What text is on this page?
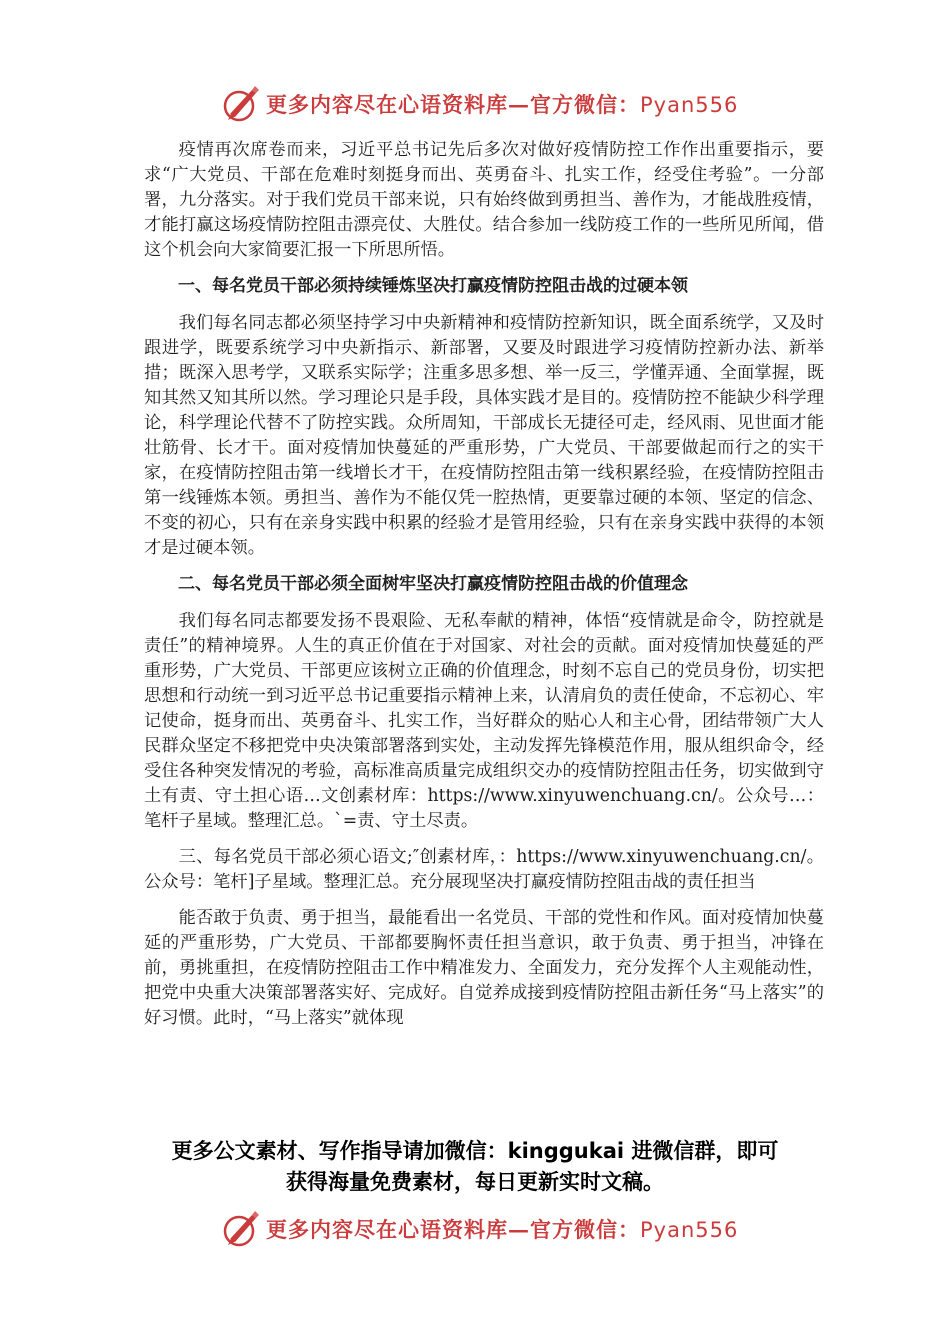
更多内容尽在心语资料库—官方微信：Pyan556

疫情再次席卷而来，习近平总书记先后多次对做好疫情防控工作作出重要指示，要求“广大党员、干部在危难时刻挺身而出、英勇奋斗、扎实工作，经受住考验”。一分部署，九分落实。对于我们党员干部来说，只有始终做到勇担当、善作为，才能战胜疫情，才能打赢这场疫情防控阻击漂亮仗、大胜仗。结合参加一线防疫工作的一些所见所闻，借这个机会向大家简要汇报一下所思所悟。

一、每名党员干部必须持续锤炼坚决打赢疫情防控阻击战的过硬本领

我们每名同志都必须坚持学习中央新精神和疫情防控新知识，既全面系统学，又及时跟进学，既要系统学习中央新指示、新部署，又要及时跟进学习疫情防控新办法、新举措；既深入思考学，又联系实际学；注重多思多想、举一反三，学懂弄通、全面掌握，既知其然又知其所以然。学习理论只是手段，具体实践才是目的。疫情防控不能缺少科学理论，科学理论代替不了防控实践。众所周知，干部成长无捷径可走，经风雨、见世面才能壮筋骨、长才干。面对疫情加快蔓延的严重形势，广大党员、干部要做起而行之的实干家，在疫情防控阻击第一线增长才干，在疫情防控阻击第一线积累经验，在疫情防控阻击第一线锤炼本领。勇担当、善作为不能仅凭一腔热情，更要靠过硬的本领、坚定的信念、不变的初心，只有在亲身实践中积累的经验才是管用经验，只有在亲身实践中获得的本领才是过硬本领。

二、每名党员干部必须全面树牢坚决打赢疫情防控阻击战的价值理念

我们每名同志都要发扬不畏艰险、无私奉献的精神，体悟“疫情就是命令，防控就是责任”的精神境界。人生的真正价值在于对国家、对社会的贡献。面对疫情加快蔓延的严重形势，广大党员、干部更应该树立正确的价值理念，时刻不忘自己的党员身份，切实把思想和行动统一到习近平总书记重要指示精神上来，认清肩负的责任使命，不忘初心、牢记使命，挺身而出、英勇奋斗、扎实工作，当好群众的贴心人和主心骨，团结带领广大人民群众坚定不移把党中央决策部署落到实处，主动发挥先锋模范作用，服从组织命令，经受住各种突发情况的考验，高标准高质量完成组织交办的疫情防控阻击任务，切实做到守土有责、守土担心语…文创素材库：https://www.xinyuwenchuang.cn/。公众号…：笔杆子星域。整理汇总。`=责、守土尽责。

三、每名党员干部必须心语文;″创素材库，：https://www.xinyuwenchuang.cn/。公众号：笔杆]子星域。整理汇总。充分展现坚决打赢疫情防控阻击战的责任担当

能否敢于负责、勇于担当，最能看出一名党员、干部的党性和作风。面对疫情加快蔓延的严重形势，广大党员、干部都要胸怀责任担当意识，敢于负责、勇于担当，冲锋在前，勇挑重担，在疫情防控阻击工作中精准发力、全面发力，充分发挥个人主观能动性，把党中央重大决策部署落实好、完成好。自觉养成接到疫情防控阻击新任务“马上落实”的好习惯。此时，“马上落实”就体现

更多公文素材、写作指导请加微信：kinggukai 进微信群，即可
获得海量免费素材，每日更新实时文稿。
更多内容尽在心语资料库—官方微信：Pyan556
